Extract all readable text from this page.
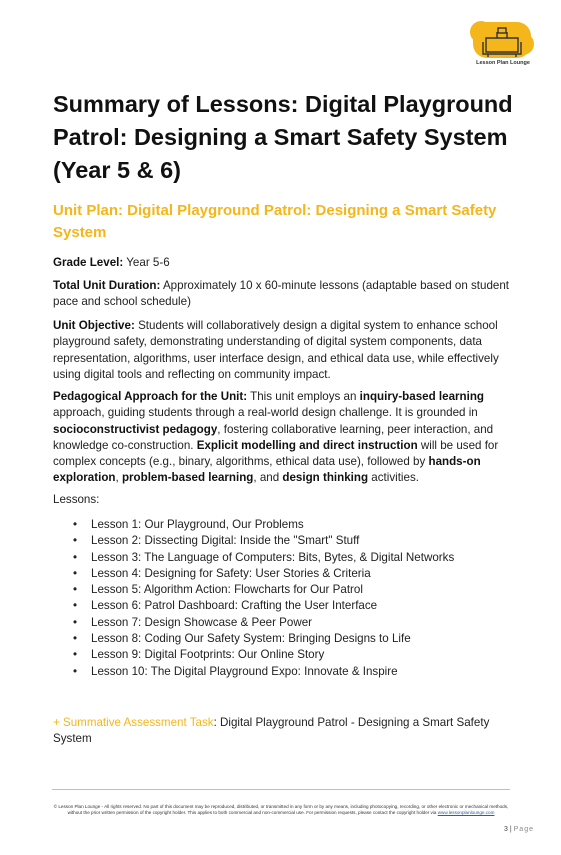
Lesson Plan Lounge
Summary of Lessons: Digital Playground Patrol: Designing a Smart Safety System (Year 5 & 6)
Unit Plan: Digital Playground Patrol: Designing a Smart Safety System

Grade Level: Year 5-6

Total Unit Duration: Approximately 10 x 60-minute lessons (adaptable based on student pace and school schedule)

Unit Objective: Students will collaboratively design a digital system to enhance school playground safety, demonstrating understanding of digital system components, data representation, algorithms, user interface design, and ethical data use, while effectively using digital tools and reflecting on community impact.

Pedagogical Approach for the Unit: This unit employs an inquiry-based learning approach, guiding students through a real-world design challenge. It is grounded in socioconstructivist pedagogy, fostering collaborative learning, peer interaction, and knowledge co-construction. Explicit modelling and direct instruction will be used for complex concepts (e.g., binary, algorithms, ethical data use), followed by hands-on exploration, problem-based learning, and design thinking activities.

Lessons:

• Lesson 1: Our Playground, Our Problems
• Lesson 2: Dissecting Digital: Inside the "Smart" Stuff
• Lesson 3: The Language of Computers: Bits, Bytes, & Digital Networks
• Lesson 4: Designing for Safety: User Stories & Criteria
• Lesson 5: Algorithm Action: Flowcharts for Our Patrol
• Lesson 6: Patrol Dashboard: Crafting the User Interface
• Lesson 7: Design Showcase & Peer Power
• Lesson 8: Coding Our Safety System: Bringing Designs to Life
• Lesson 9: Digital Footprints: Our Online Story
• Lesson 10: The Digital Playground Expo: Innovate & Inspire

+ Summative Assessment Task: Digital Playground Patrol - Designing a Smart Safety System

© Lesson Plan Lounge - All rights reserved. No part of this document may be reproduced, distributed, or transmitted in any form or by any means, including photocopying, recording, or other electronic or mechanical methods, without the prior written permission of the copyright holder. This applies to both commercial and non-commercial use. For permission requests, please contact the copyright holder via www.lessonplanlounge.com
3 | Page
